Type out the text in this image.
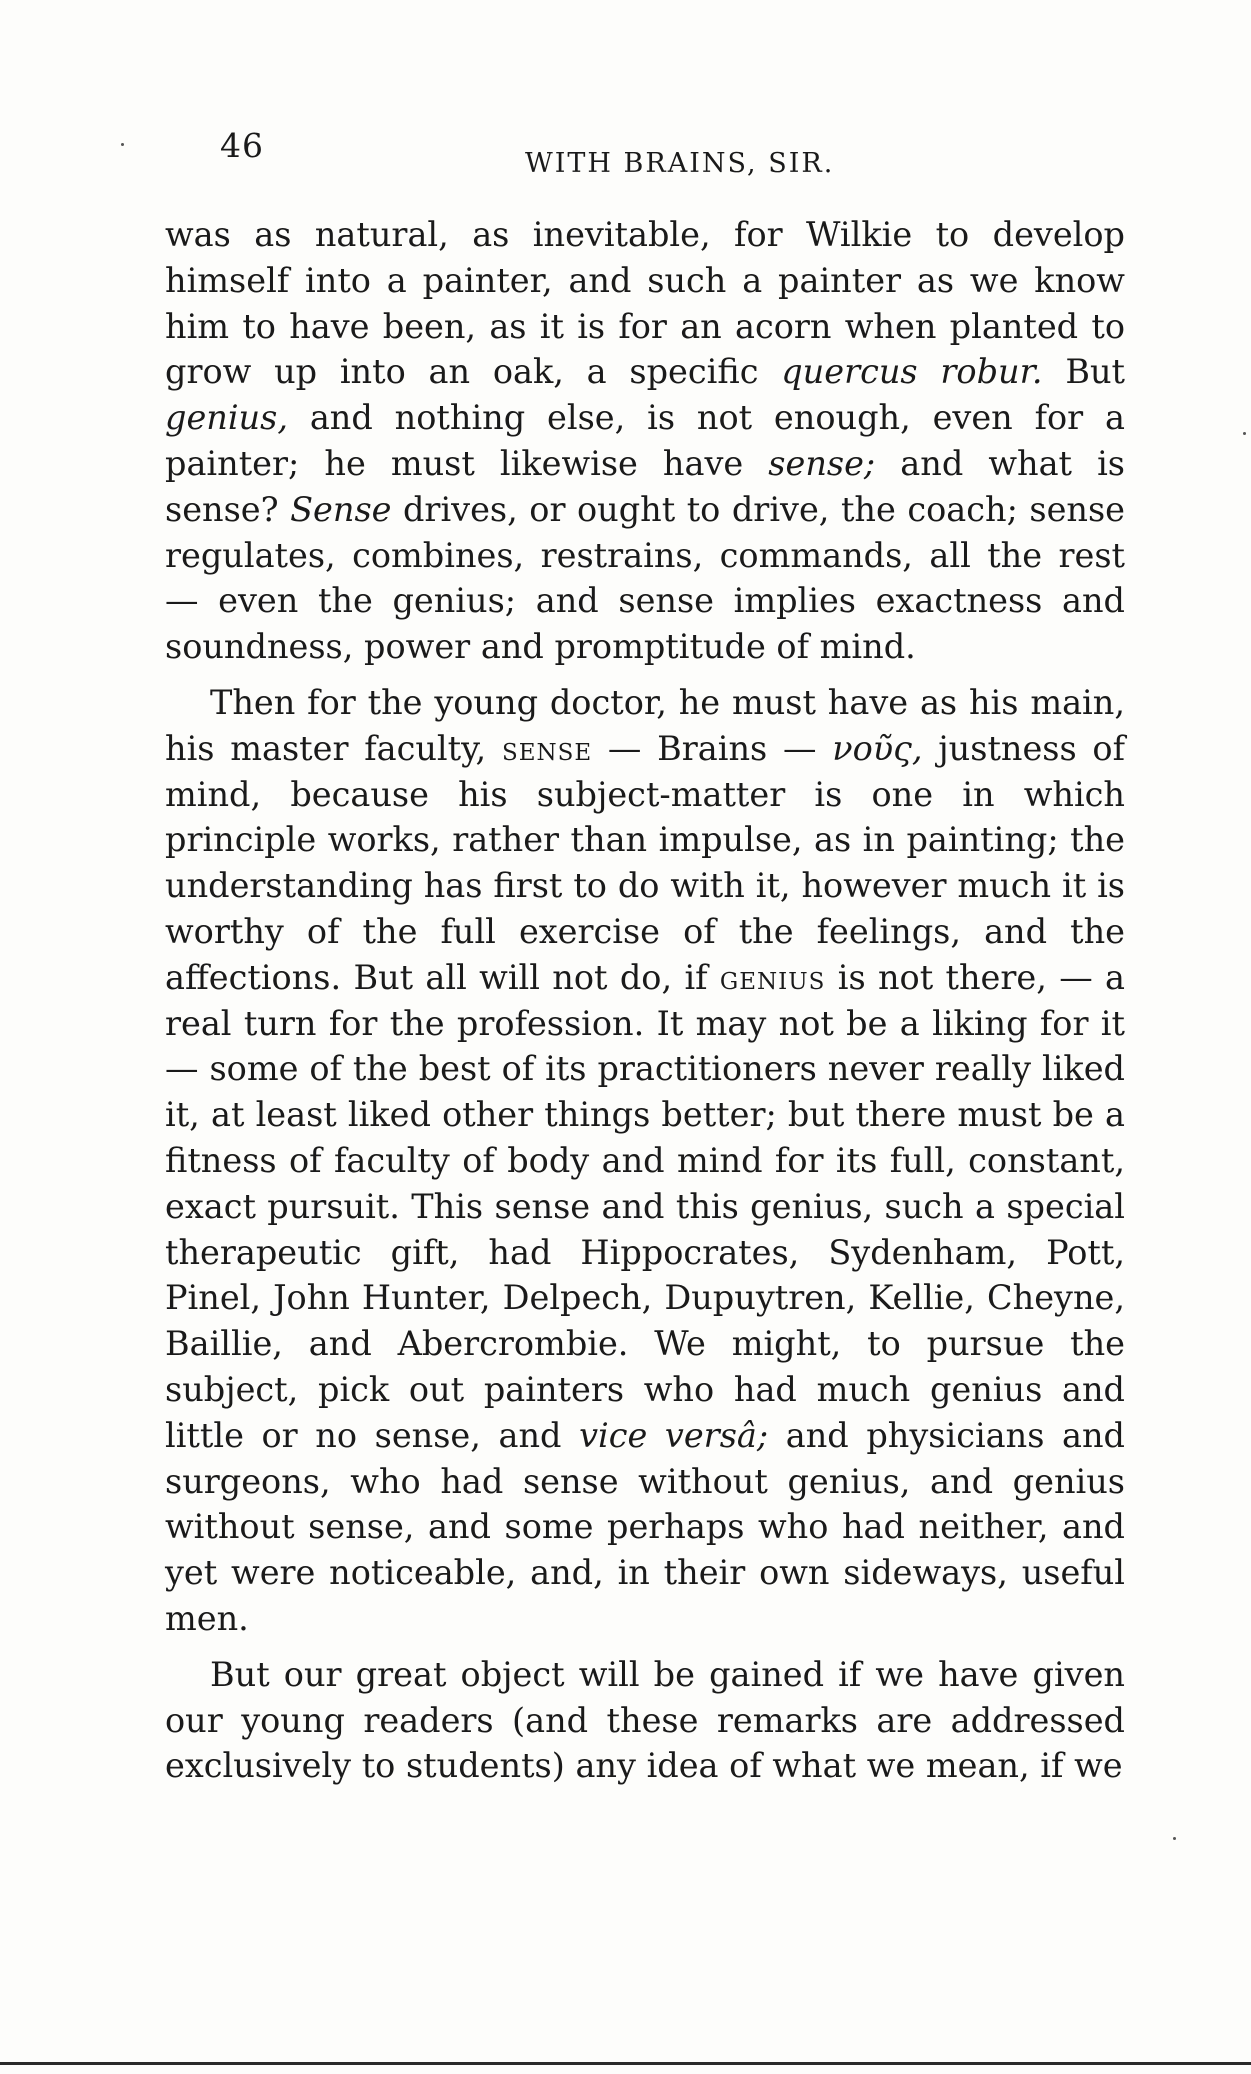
46	WITH BRAINS, SIR.

was as natural, as inevitable, for Wilkie to develop himself into a painter, and such a painter as we know him to have been, as it is for an acorn when planted to grow up into an oak, a specific quercus robur. But genius, and nothing else, is not enough, even for a painter; he must likewise have sense; and what is sense? Sense drives, or ought to drive, the coach; sense regulates, combines, restrains, commands, all the rest — even the genius; and sense implies exactness and soundness, power and promptitude of mind.

Then for the young doctor, he must have as his main, his master faculty, sense — Brains — νοῦς, justness of mind, because his subject-matter is one in which principle works, rather than impulse, as in painting; the understanding has first to do with it, however much it is worthy of the full exercise of the feelings, and the affections. But all will not do, if genius is not there, — a real turn for the profession. It may not be a liking for it — some of the best of its practitioners never really liked it, at least liked other things better; but there must be a fitness of faculty of body and mind for its full, constant, exact pursuit. This sense and this genius, such a special therapeutic gift, had Hippocrates, Sydenham, Pott, Pinel, John Hunter, Delpech, Dupuytren, Kellie, Cheyne, Baillie, and Abercrombie. We might, to pursue the subject, pick out painters who had much genius and little or no sense, and vice versâ; and physicians and surgeons, who had sense without genius, and genius without sense, and some perhaps who had neither, and yet were noticeable, and, in their own sideways, useful men.

But our great object will be gained if we have given our young readers (and these remarks are addressed exclusively to students) any idea of what we mean, if we
